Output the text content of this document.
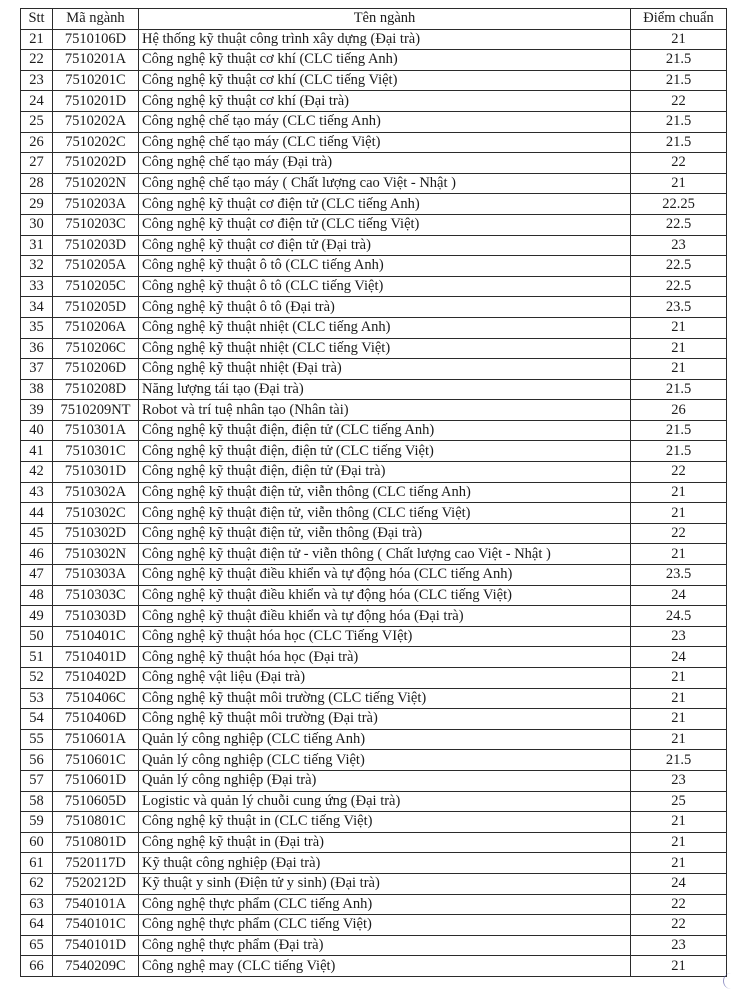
Stt	Mã ngành	Tên ngành	Điểm chuẩn
21	7510106D	Hệ thống kỹ thuật công trình xây dựng (Đại trà)	21
22	7510201A	Công nghệ kỹ thuật cơ khí (CLC tiếng Anh)	21.5
23	7510201C	Công nghệ kỹ thuật cơ khí (CLC tiếng Việt)	21.5
24	7510201D	Công nghệ kỹ thuật cơ khí (Đại trà)	22
25	7510202A	Công nghệ chế tạo máy (CLC tiếng Anh)	21.5
26	7510202C	Công nghệ chế tạo máy (CLC tiếng Việt)	21.5
27	7510202D	Công nghệ chế tạo máy (Đại trà)	22
28	7510202N	Công nghệ chế tạo máy ( Chất lượng cao Việt - Nhật )	21
29	7510203A	Công nghệ kỹ thuật cơ điện tử (CLC tiếng Anh)	22.25
30	7510203C	Công nghệ kỹ thuật cơ điện tử (CLC tiếng Việt)	22.5
31	7510203D	Công nghệ kỹ thuật cơ điện tử (Đại trà)	23
32	7510205A	Công nghệ kỹ thuật ô tô (CLC tiếng Anh)	22.5
33	7510205C	Công nghệ kỹ thuật ô tô (CLC tiếng Việt)	22.5
34	7510205D	Công nghệ kỹ thuật ô tô (Đại trà)	23.5
35	7510206A	Công nghệ kỹ thuật nhiệt (CLC tiếng Anh)	21
36	7510206C	Công nghệ kỹ thuật nhiệt (CLC tiếng Việt)	21
37	7510206D	Công nghệ kỹ thuật nhiệt (Đại trà)	21
38	7510208D	Năng lượng tái tạo (Đại trà)	21.5
39	7510209NT	Robot và trí tuệ nhân tạo (Nhân tài)	26
40	7510301A	Công nghệ kỹ thuật điện, điện tử (CLC tiếng Anh)	21.5
41	7510301C	Công nghệ kỹ thuật điện, điện tử (CLC tiếng Việt)	21.5
42	7510301D	Công nghệ kỹ thuật điện, điện tử (Đại trà)	22
43	7510302A	Công nghệ kỹ thuật điện tử, viễn thông (CLC tiếng Anh)	21
44	7510302C	Công nghệ kỹ thuật điện tử, viễn thông (CLC tiếng Việt)	21
45	7510302D	Công nghệ kỹ thuật điện tử, viễn thông (Đại trà)	22
46	7510302N	Công nghệ kỹ thuật điện tử - viễn thông ( Chất lượng cao Việt - Nhật )	21
47	7510303A	Công nghệ kỹ thuật điều khiển và tự động hóa (CLC tiếng Anh)	23.5
48	7510303C	Công nghệ kỹ thuật điều khiển và tự động hóa (CLC tiếng Việt)	24
49	7510303D	Công nghệ kỹ thuật điều khiển và tự động hóa (Đại trà)	24.5
50	7510401C	Công nghệ kỹ thuật hóa học (CLC Tiếng VIệt)	23
51	7510401D	Công nghệ kỹ thuật hóa học (Đại trà)	24
52	7510402D	Công nghệ vật liệu (Đại trà)	21
53	7510406C	Công nghệ kỹ thuật môi trường (CLC tiếng Việt)	21
54	7510406D	Công nghệ kỹ thuật môi trường (Đại trà)	21
55	7510601A	Quản lý công nghiệp (CLC tiếng Anh)	21
56	7510601C	Quản lý công nghiệp (CLC tiếng Việt)	21.5
57	7510601D	Quản lý công nghiệp (Đại trà)	23
58	7510605D	Logistic và quản lý chuỗi cung ứng (Đại trà)	25
59	7510801C	Công nghệ kỹ thuật in (CLC tiếng Việt)	21
60	7510801D	Công nghệ kỹ thuật in (Đại trà)	21
61	7520117D	Kỹ thuật công nghiệp (Đại trà)	21
62	7520212D	Kỹ thuật y sinh (Điện tử y sinh) (Đại trà)	24
63	7540101A	Công nghệ thực phẩm (CLC tiếng Anh)	22
64	7540101C	Công nghệ thực phẩm (CLC tiếng Việt)	22
65	7540101D	Công nghệ thực phẩm (Đại trà)	23
66	7540209C	Công nghệ may (CLC tiếng Việt)	21
